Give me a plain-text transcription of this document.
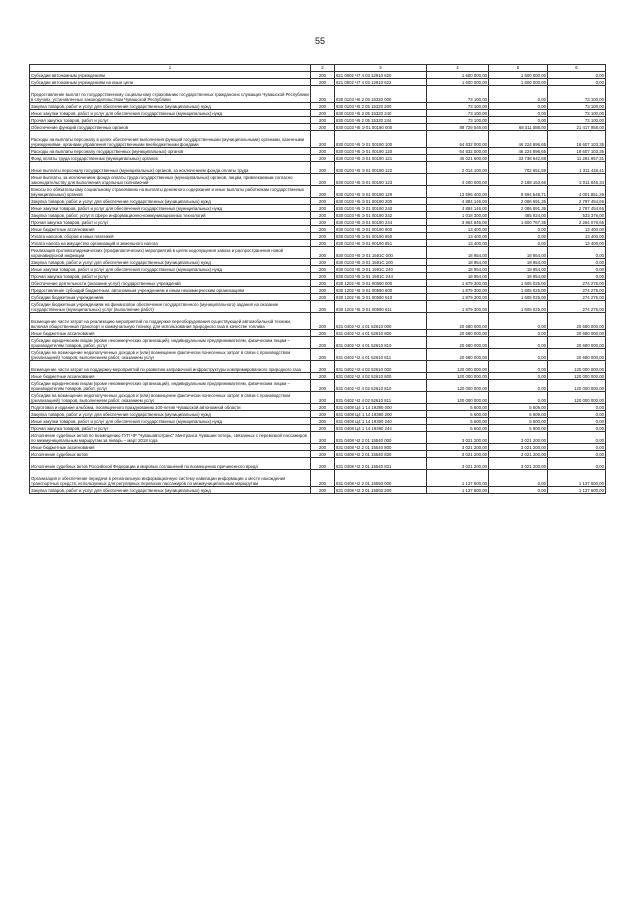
55
1	2	3	4	5	6
Субсидии автономным учреждениям	200	821 0502 Ч7 4 03 12910 620	1 600 000,00	1 600 000,00	0,00
Субсидии автономным учреждениям на иные цели	200	821 0502 Ч7 4 03 12910 622	1 600 000,00	1 600 000,00	0,00
Предоставление выплат по государственному социальному страхованию государственных гражданских служащих Чувашской Республики в случаях, установленных законодательством Чувашской Республики	200	830 0103 Ч5 2 05 15320 000	73 100,00	0,00	73 100,00
Закупка товаров, работ и услуг для обеспечения государственных (муниципальных) нужд	200	830 0103 Ч5 2 05 15320 200	73 100,00	0,00	73 100,00
Иные закупки товаров, работ и услуг для обеспечения государственных (муниципальных) нужд	200	830 0103 Ч5 2 05 15320 240	73 100,00	0,00	73 100,00
Прочая закупка товаров, работ и услуг	200	830 0103 Ч5 2 05 15320 244	73 100,00	0,00	73 100,00
Обеспечение функций государственных органов	200	830 0103 Ч5 Э 01 00190 000	89 729 546,00	68 311 588,00	21 417 958,00
Расходы на выплаты персоналу в целях обеспечения выполнения функций государственными (муниципальными) органами, казенными учреждениями, органами управления государственными внебюджетными фондами	200	830 0103 Ч5 Э 01 00190 100	64 832 000,00	46 224 896,65	18 607 103,35
Расходы на выплаты персоналу государственных (муниципальных) органов	200	830 0103 Ч5 Э 01 00190 120	64 832 000,00	46 224 896,65	18 607 103,35
Фонд оплаты труда государственных (муниципальных) органов	200	830 0103 Ч5 Э 01 00190 121	45 021 600,00	33 738 642,69	11 281 957,31
Иные выплаты персоналу государственных (муниципальных) органов, за исключением фонда оплаты труда	200	830 0103 Ч5 Э 01 00190 122	2 014 100,00	702 651,59	1 311 448,41
Иные выплаты, за исключением фонда оплаты труда государственных (муниципальных) органов, лицам, привлекаемым согласно законодательству для выполнения отдельных полномочий	200	830 0103 Ч5 Э 01 00190 123	4 200 000,00	2 188 153,66	2 011 846,34
Взносы по обязательному социальному страхованию на выплаты денежного содержания и иные выплаты работникам государственных (муниципальных) органов	200	830 0103 Ч5 Э 01 00190 129	13 596 400,00	9 594 548,71	4 001 851,29
Закупка товаров, работ и услуг для обеспечения государственных (муниципальных) нужд	200	830 0103 Ч5 Э 01 00190 200	4 884 146,00	2 086 691,35	2 797 454,65
Иные закупки товаров, работ и услуг для обеспечения государственных (муниципальных) нужд	200	830 0103 Ч5 Э 01 00190 240	4 884 146,00	2 086 691,35	2 797 454,65
Закупка товаров, работ, услуг в сфере информационно-коммуникационных технологий	200	830 0103 Ч5 Э 01 00190 242	1 018 300,00	485 924,00	533 376,00
Прочая закупка товаров, работ и услуг	200	830 0103 Ч5 Э 01 00190 244	3 864 846,00	1 600 767,35	2 264 078,65
Иные бюджетные ассигнования	200	830 0103 Ч5 Э 01 00190 800	13 400,00	0,00	13 400,00
Уплата налогов, сборов и иных платежей	200	830 0103 Ч5 Э 01 00190 850	13 400,00	0,00	13 400,00
Уплата налога на имущество организаций и земельного налога	200	830 0103 Ч5 Э 01 00190 851	13 400,00	0,00	13 400,00
Реализация противоэпидемических (профилактических) мероприятий в целях недопущения завоза и распространения новой коронавирусной инфекции	200	830 0103 Ч5 Э 01 1591C 000	18 954,00	18 954,00	0,00
Закупка товаров, работ и услуг для обеспечения государственных (муниципальных) нужд	200	830 0103 Ч5 Э 01 1591C 200	18 954,00	18 954,00	0,00
Иные закупки товаров, работ и услуг для обеспечения государственных (муниципальных) нужд	200	830 0103 Ч5 Э 01 1591C 240	18 954,00	18 954,00	0,00
Прочая закупка товаров, работ и услуг	200	830 0103 Ч5 Э 01 1591C 244	18 954,00	18 954,00	0,00
Обеспечение деятельности (оказание услуг) государственных учреждений	200	830 1202 Ч5 Э 01 00590 000	1 879 300,00	1 605 025,00	274 275,00
Предоставление субсидий бюджетным, автономным учреждениям и иным некоммерческим организациям	200	830 1202 Ч5 Э 01 00590 600	1 879 300,00	1 605 025,00	274 275,00
Субсидии бюджетным учреждениям	200	830 1202 Ч5 Э 01 00590 610	1 879 300,00	1 605 025,00	274 275,00
Субсидии бюджетным учреждениям на финансовое обеспечение государственного (муниципального) задания на оказание государственных (муниципальных) услуг (выполнение работ)	200	830 1202 Ч5 Э 01 00590 611	1 879 300,00	1 605 025,00	274 275,00
Возмещение части затрат на реализацию мероприятий по поддержке переоборудования существующей автомобильной техники, включая общественный транспорт и коммунальную технику, для использования природного газа в качестве топлива	200	831 0402 Ч2 4 01 52610 000	20 680 000,00	0,00	20 680 000,00
Иные бюджетные ассигнования	200	831 0402 Ч2 4 01 52610 800	20 680 000,00	0,00	20 680 000,00
Субсидии юридическим лицам (кроме некоммерческих организаций), индивидуальным предпринимателям, физическим лицам – производителям товаров, работ, услуг	200	831 0402 Ч2 4 01 52610 810	20 680 000,00	0,00	20 680 000,00
Субсидии на возмещение недополученных доходов и (или) возмещение фактически понесенных затрат в связи с производством (реализацией) товаров, выполнением работ, оказанием услуг	200	831 0402 Ч2 4 01 52610 811	20 680 000,00	0,00	20 680 000,00
Возмещение части затрат на поддержку мероприятий по развитию заправочной инфраструктуры компримированного природного газа	200	831 0402 Ч2 4 02 52610 000	120 000 000,00	0,00	120 000 000,00
Иные бюджетные ассигнования	200	831 0402 Ч2 4 02 52610 800	120 000 000,00	0,00	120 000 000,00
Субсидии юридическим лицам (кроме некоммерческих организаций), индивидуальным предпринимателям, физическим лицам – производителям товаров, работ, услуг	200	831 0402 Ч2 4 02 52610 810	120 000 000,00	0,00	120 000 000,00
Субсидии на возмещение недополученных доходов и (или) возмещение фактически понесенных затрат в связи с производством (реализацией) товаров, выполнением работ, оказанием услуг	200	831 0402 Ч2 4 02 52610 811	120 000 000,00	0,00	120 000 000,00
Подготовка и издание альбома, посвященного празднованию 100-летия Чувашской автономной области	200	831 0408 Ц4 1 14 19390 000	5 600,00	5 609,00	0,00
Закупка товаров, работ и услуг для обеспечения государственных (муниципальных) нужд	200	831 0408 Ц4 1 14 19390 200	5 600,00	5 609,00	0,00
Иные закупки товаров, работ и услуг для обеспечения государственных (муниципальных) нужд	200	831 0408 Ц4 1 14 19390 240	5 600,00	5 600,00	0,00
Прочая закупка товаров, работ и услуг	200	831 0408 Ц4 1 14 19390 244	5 600,00	5 600,00	0,00
Исполнение судебных актов по возмещению ГУП ЧР "Чувашавтотранс" Минтранса Чувашии потерь, связанных с перевозкой пассажиров по межмуниципальным маршрутам за январь – март 2018 года	200	831 0408 Ч2 2 01 15540 000	3 021 200,00	3 021 200,00	0,00
Иные бюджетные ассигнования	200	831 0408 Ч2 2 01 15540 800	3 021 200,00	3 021 200,00	0,00
Исполнение судебных актов	200	831 0408 Ч2 2 01 15540 830	3 021 200,00	3 021 200,00	0,00
Исполнение судебных актов Российской Федерации и мировых соглашений по возмещению причиненного вреда	200	831 0408 Ч2 2 01 15540 831	3 021 200,00	3 021 200,00	0,00
Организация и обеспечение передачи в региональную информационную систему навигации информации о месте нахождения транспортных средств, используемых для регулярных перевозок пассажиров по межмуниципальным маршрутам	200	831 0408 Ч2 2 01 15550 000	1 137 600,00	0,00	1 137 600,00
Закупка товаров, работ и услуг для обеспечения государственных (муниципальных) нужд	200	831 0408 Ч2 2 01 15550 200	1 137 600,00	0,00	1 137 600,00
